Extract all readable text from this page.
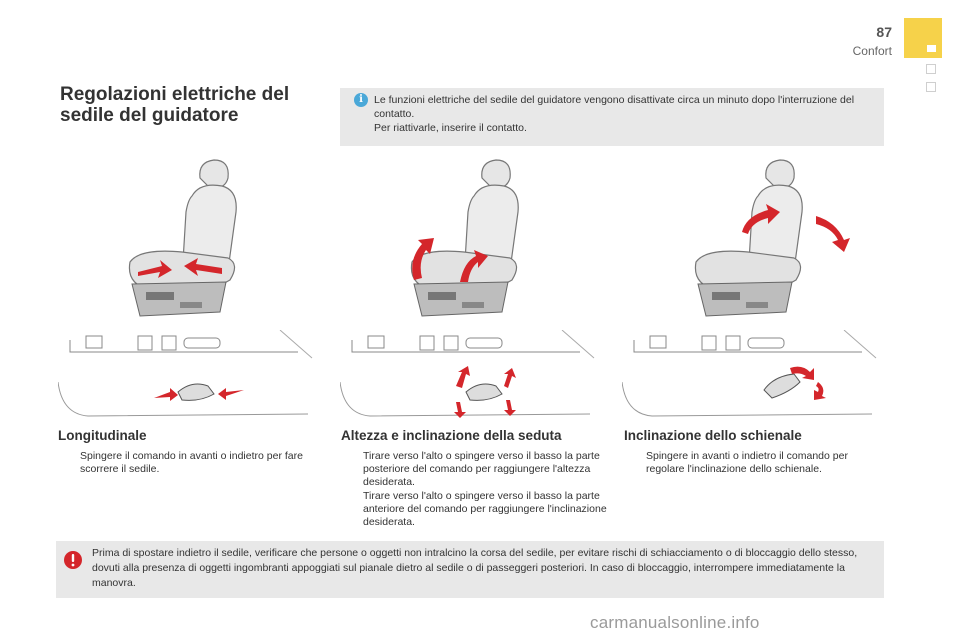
87
Confort
Regolazioni elettriche del sedile del guidatore
i	Le funzioni elettriche del sedile del guidatore vengono disattivate circa un minuto dopo l'interruzione del contatto.
Per riattivarle, inserire il contatto.
Longitudinale
Spingere il comando in avanti o indietro per fare scorrere il sedile.
Altezza e inclinazione della seduta
Tirare verso l'alto o spingere verso il basso la parte posteriore del comando per raggiungere l'altezza desiderata.
Tirare verso l'alto o spingere verso il basso la parte anteriore del comando per raggiungere l'inclinazione desiderata.
Inclinazione dello schienale
Spingere in avanti o indietro il comando per regolare l'inclinazione dello schienale.
Prima di spostare indietro il sedile, verificare che persone o oggetti non intralcino la corsa del sedile, per evitare rischi di schiacciamento o di bloccaggio dello stesso, dovuti alla presenza di oggetti ingombranti appoggiati sul pianale dietro al sedile o di passeggeri posteriori. In caso di bloccaggio, interrompere immediatamente la manovra.
carmanualsonline.info
